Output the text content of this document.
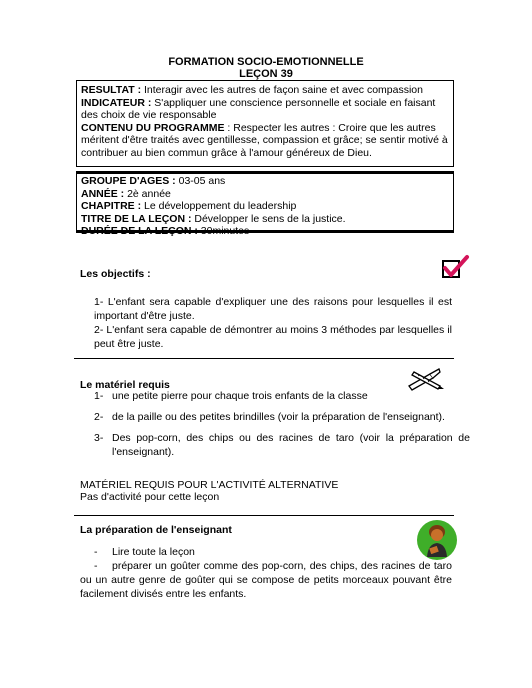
FORMATION SOCIO-EMOTIONNELLE
LEÇON 39
RESULTAT : Interagir avec les autres de façon saine et avec compassion
INDICATEUR : S'appliquer une conscience personnelle et sociale en faisant des choix de vie responsable
CONTENU DU PROGRAMME : Respecter les autres : Croire que les autres méritent d'être traités avec gentillesse, compassion et grâce; se sentir motivé à contribuer au bien commun grâce à l'amour généreux de Dieu.
GROUPE D'AGES : 03-05 ans
ANNÉE : 2è année
CHAPITRE : Le développement du leadership
TITRE DE LA LEÇON : Développer le sens de la justice.
DURÉE DE LA LEÇON : 30minutes
Les objectifs :
1- L'enfant sera capable d'expliquer une des raisons pour lesquelles il est important d'être juste.
2- L'enfant sera capable de démontrer au moins 3 méthodes par lesquelles il peut être juste.
Le matériel requis
1- une petite pierre pour chaque trois enfants de la classe
2- de la paille ou des petites brindilles (voir la préparation de l'enseignant).
3- Des pop-corn, des chips ou des racines de taro (voir la préparation de l'enseignant).
MATÉRIEL REQUIS POUR L'ACTIVITÉ ALTERNATIVE
Pas d'activité pour cette leçon
La préparation de l'enseignant
- Lire toute la leçon
- préparer un goûter comme des pop-corn, des chips, des racines de taro ou un autre genre de goûter qui se compose de petits morceaux pouvant être facilement divisés entre les enfants.
